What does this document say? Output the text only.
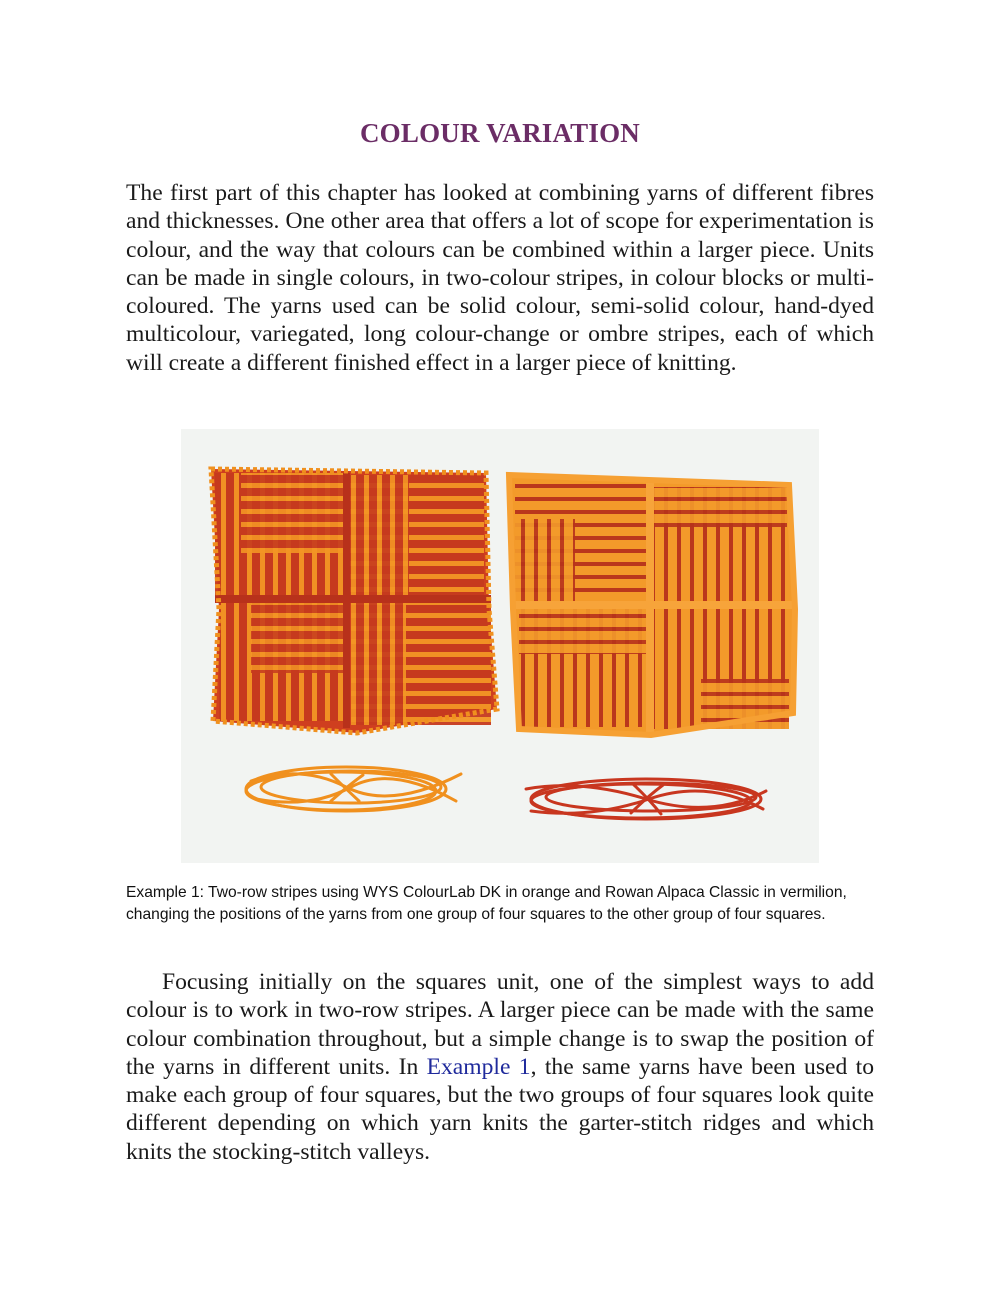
COLOUR VARIATION

The first part of this chapter has looked at combining yarns of different fibres and thicknesses. One other area that offers a lot of scope for experimentation is colour, and the way that colours can be combined within a larger piece. Units can be made in single colours, in two-colour stripes, in colour blocks or multi-coloured. The yarns used can be solid colour, semi-solid colour, hand-dyed multicolour, variegated, long colour-change or ombre stripes, each of which will create a different finished effect in a larger piece of knitting.

Example 1: Two-row stripes using WYS ColourLab DK in orange and Rowan Alpaca Classic in vermilion, changing the positions of the yarns from one group of four squares to the other group of four squares.

Focusing initially on the squares unit, one of the simplest ways to add colour is to work in two-row stripes. A larger piece can be made with the same colour combination throughout, but a simple change is to swap the position of the yarns in different units. In Example 1, the same yarns have been used to make each group of four squares, but the two groups of four squares look quite different depending on which yarn knits the garter-stitch ridges and which knits the stocking-stitch valleys.
